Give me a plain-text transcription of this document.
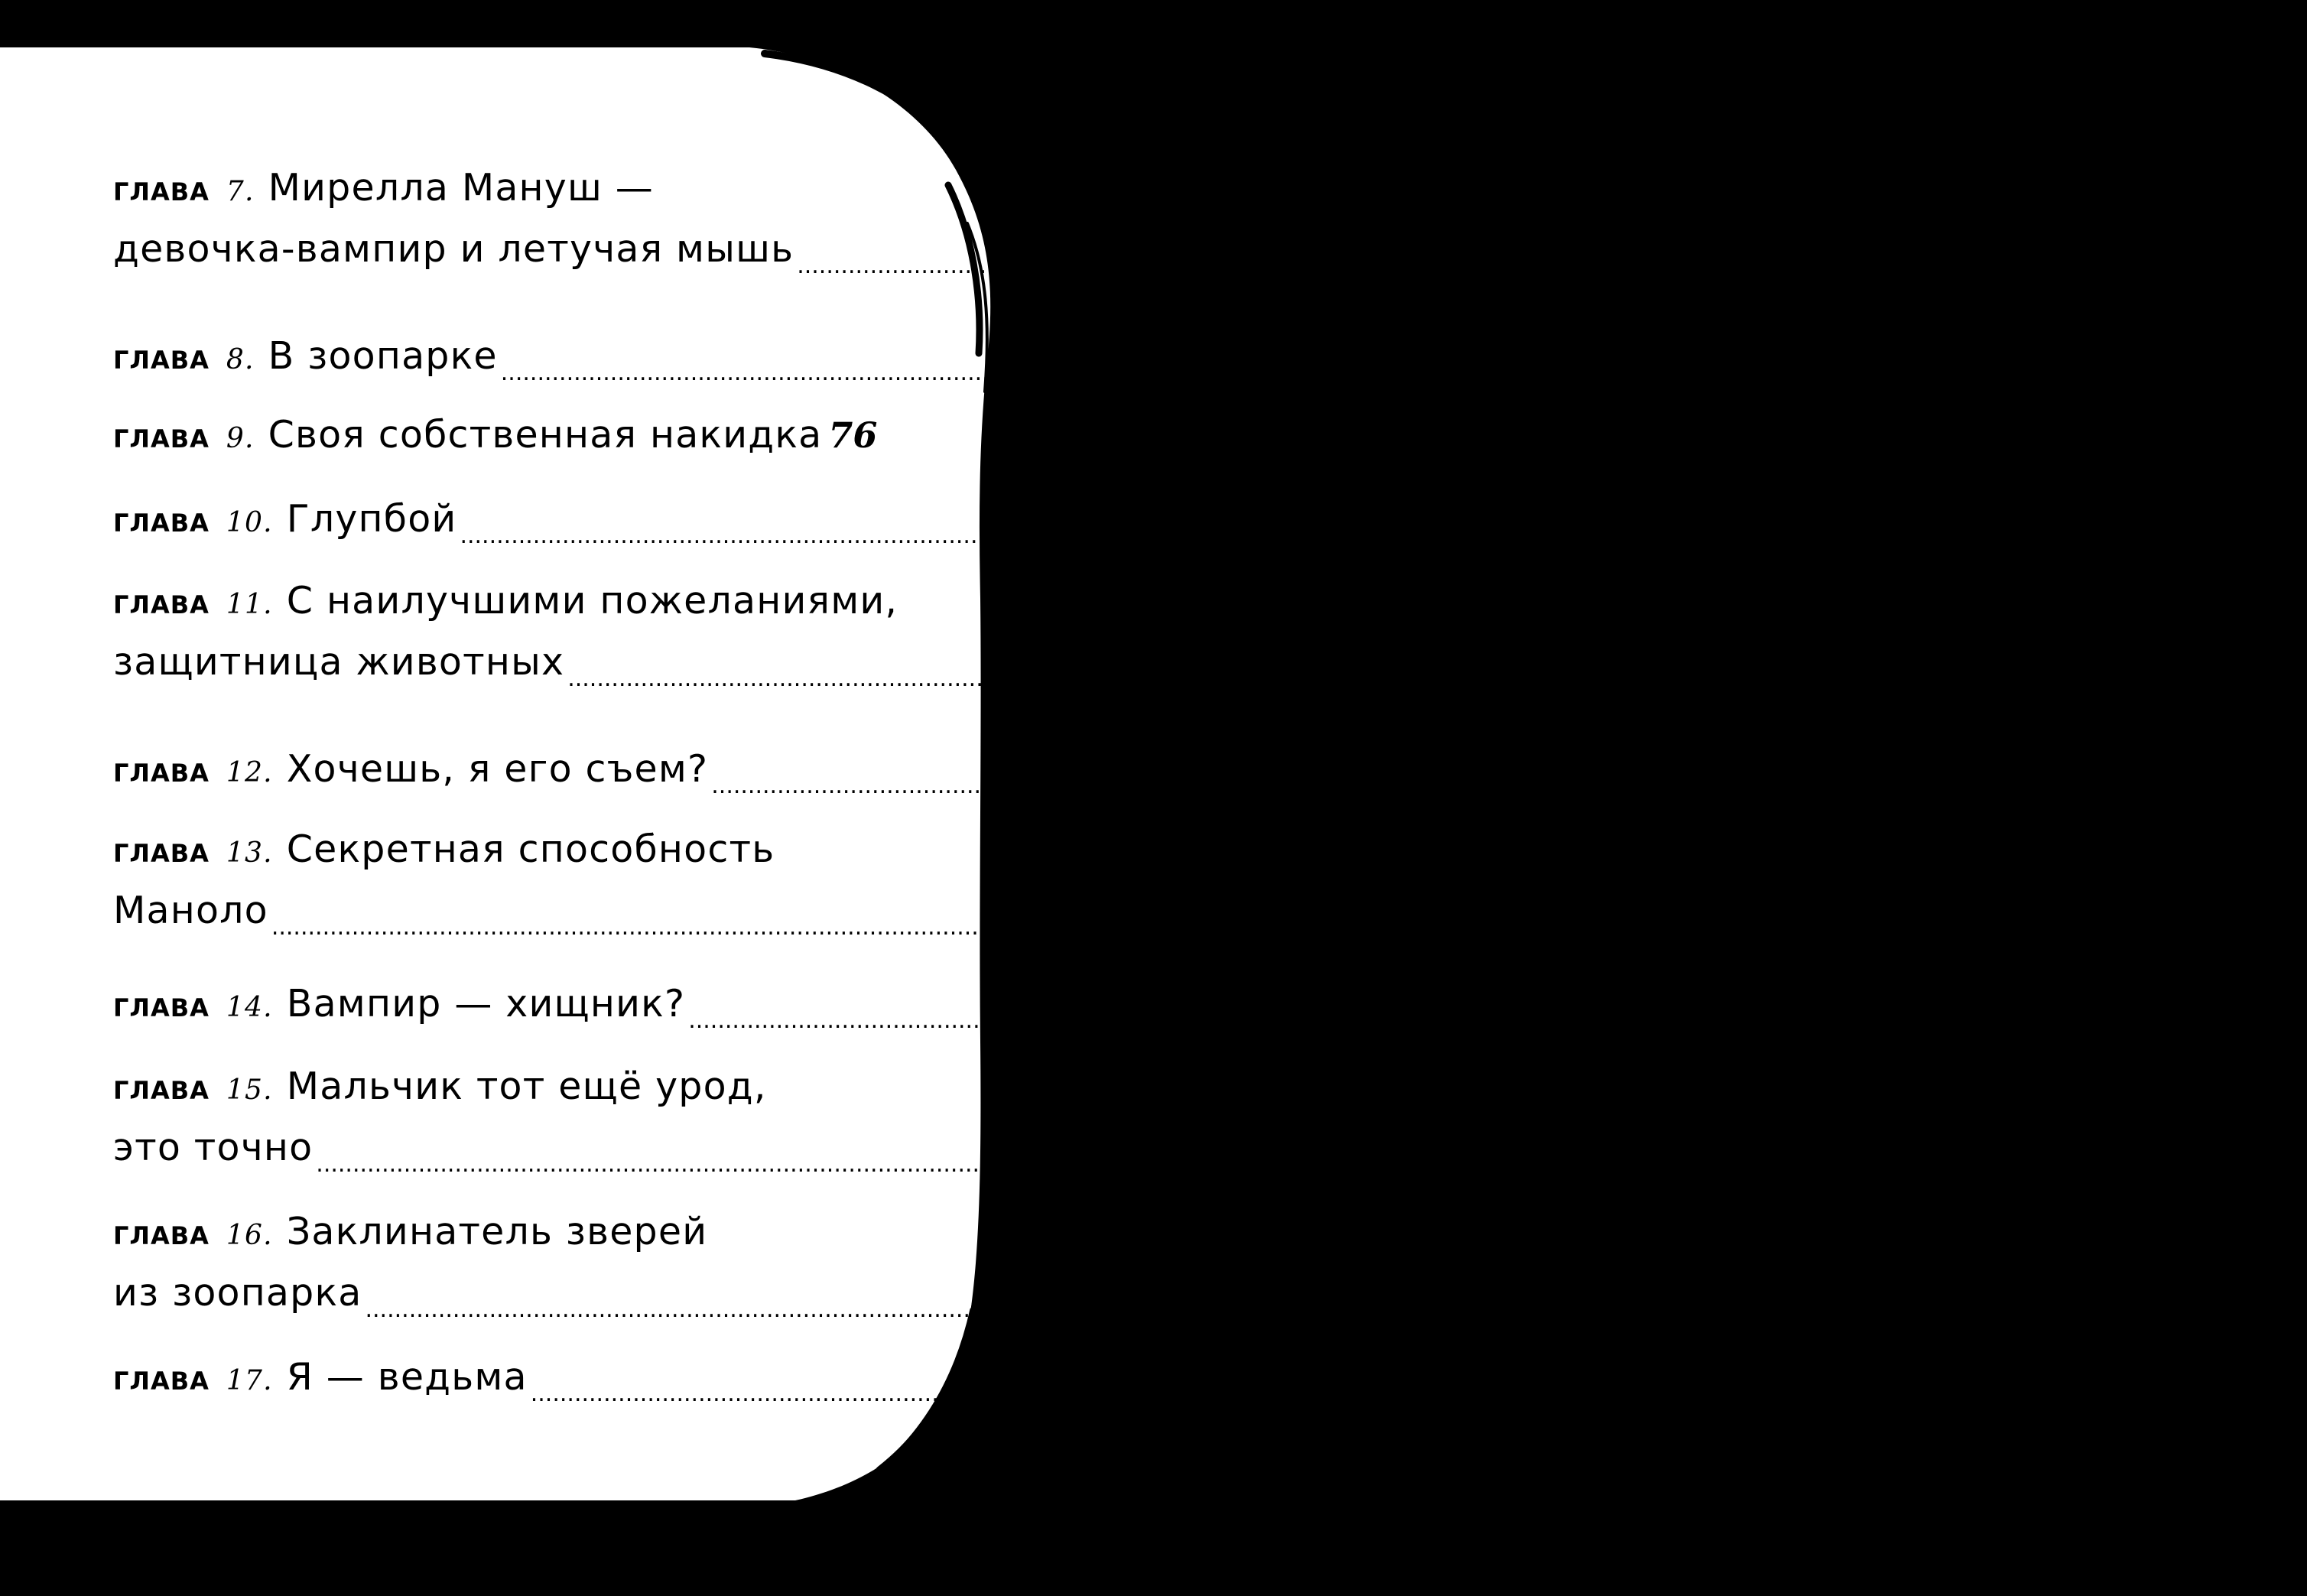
ГЛАВА 7. Мирелла Мануш —
девочка-вампир и летучая мышь ........................................................................................................................................................................................................ 57
ГЛАВА 8. В зоопарке ........................................................................................................................................................................................................ 66
ГЛАВА 9. Своя собственная накидка 76
ГЛАВА 10. Глупбой ........................................................................................................................................................................................................ 85
ГЛАВА 11. С наилучшими пожеланиями,
защитница животных ........................................................................................................................................................................................................ 98
ГЛАВА 12. Хочешь, я его съем? ........................................................................................................................................................................................................ 109
ГЛАВА 13. Секретная способность
Маноло ........................................................................................................................................................................................................ 119
ГЛАВА 14. Вампир — хищник? ........................................................................................................................................................................................................ 127
ГЛАВА 15. Мальчик тот ещё урод,
это точно ........................................................................................................................................................................................................ 134
ГЛАВА 16. Заклинатель зверей
из зоопарка ........................................................................................................................................................................................................ 140
ГЛАВА 17. Я — ведьма ........................................................................................................................................................................................................ 148
